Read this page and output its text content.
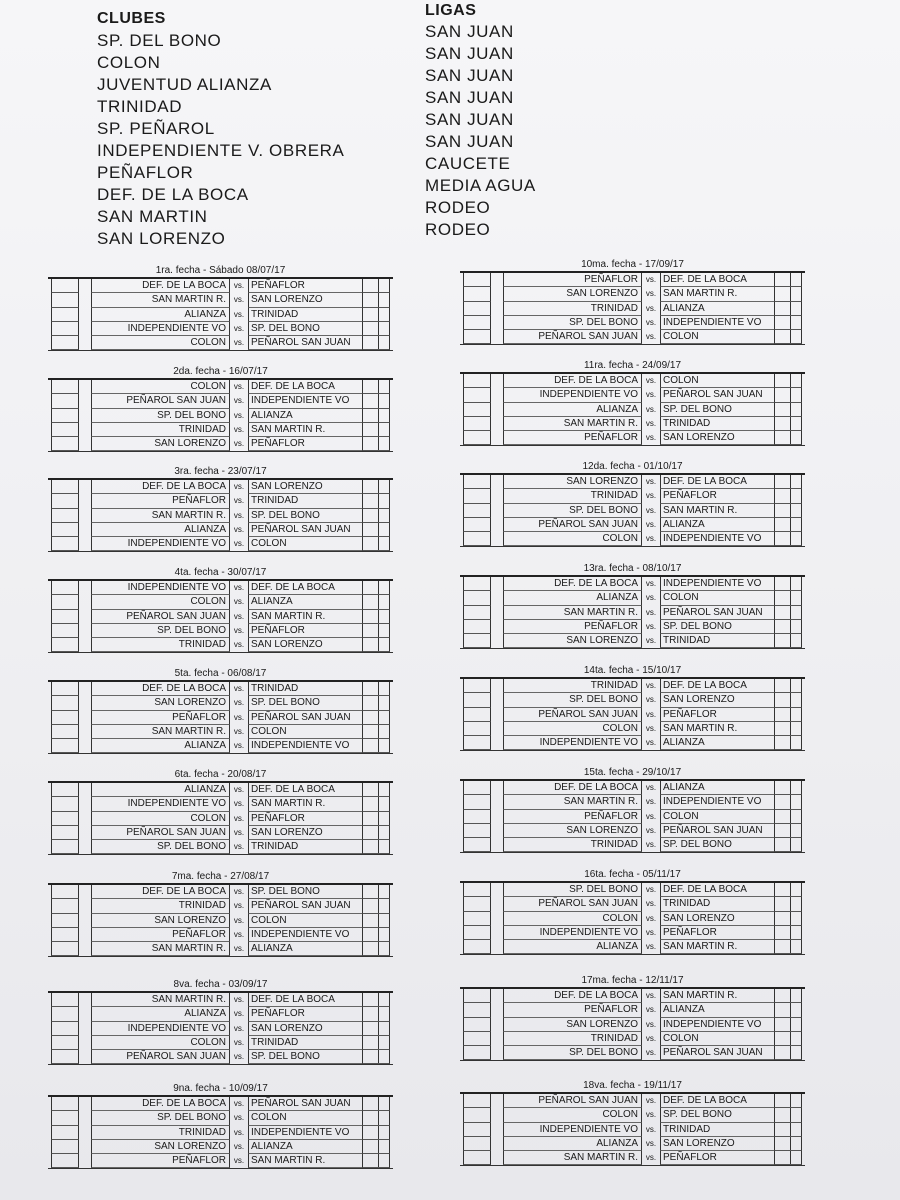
CLUBES	LIGAS
SP. DEL BONO
COLON
JUVENTUD ALIANZA
TRINIDAD
SP. PEÑAROL
INDEPENDIENTE V. OBRERA
PEÑAFLOR
DEF. DE LA BOCA
SAN MARTIN
SAN LORENZO
SAN JUAN
SAN JUAN
SAN JUAN
SAN JUAN
SAN JUAN
SAN JUAN
CAUCETE
MEDIA AGUA
RODEO
RODEO
1ra. fecha - Sábado 08/07/17
DEF. DE LA BOCA vs. PEÑAFLOR
SAN MARTIN R. vs. SAN LORENZO
ALIANZA vs. TRINIDAD
INDEPENDIENTE VO vs. SP. DEL BONO
COLON vs. PEÑAROL SAN JUAN
2da. fecha - 16/07/17
COLON vs. DEF. DE LA BOCA
PEÑAROL SAN JUAN vs. INDEPENDIENTE VO
SP. DEL BONO vs. ALIANZA
TRINIDAD vs. SAN MARTIN R.
SAN LORENZO vs. PEÑAFLOR
3ra. fecha - 23/07/17
DEF. DE LA BOCA vs. SAN LORENZO
PEÑAFLOR vs. TRINIDAD
SAN MARTIN R. vs. SP. DEL BONO
ALIANZA vs. PEÑAROL SAN JUAN
INDEPENDIENTE VO vs. COLON
4ta. fecha - 30/07/17
INDEPENDIENTE VO vs. DEF. DE LA BOCA
COLON vs. ALIANZA
PEÑAROL SAN JUAN vs. SAN MARTIN R.
SP. DEL BONO vs. PEÑAFLOR
TRINIDAD vs. SAN LORENZO
5ta. fecha - 06/08/17
DEF. DE LA BOCA vs. TRINIDAD
SAN LORENZO vs. SP. DEL BONO
PEÑAFLOR vs. PEÑAROL SAN JUAN
SAN MARTIN R. vs. COLON
ALIANZA vs. INDEPENDIENTE VO
6ta. fecha - 20/08/17
ALIANZA vs. DEF. DE LA BOCA
INDEPENDIENTE VO vs. SAN MARTIN R.
COLON vs. PEÑAFLOR
PEÑAROL SAN JUAN vs. SAN LORENZO
SP. DEL BONO vs. TRINIDAD
7ma. fecha - 27/08/17
DEF. DE LA BOCA vs. SP. DEL BONO
TRINIDAD vs. PEÑAROL SAN JUAN
SAN LORENZO vs. COLON
PEÑAFLOR vs. INDEPENDIENTE VO
SAN MARTIN R. vs. ALIANZA
8va. fecha - 03/09/17
SAN MARTIN R. vs. DEF. DE LA BOCA
ALIANZA vs. PEÑAFLOR
INDEPENDIENTE VO vs. SAN LORENZO
COLON vs. TRINIDAD
PEÑAROL SAN JUAN vs. SP. DEL BONO
9na. fecha - 10/09/17
DEF. DE LA BOCA vs. PEÑAROL SAN JUAN
SP. DEL BONO vs. COLON
TRINIDAD vs. INDEPENDIENTE VO
SAN LORENZO vs. ALIANZA
PEÑAFLOR vs. SAN MARTIN R.
10ma. fecha - 17/09/17
PEÑAFLOR vs. DEF. DE LA BOCA
SAN LORENZO vs. SAN MARTIN R.
TRINIDAD vs. ALIANZA
SP. DEL BONO vs. INDEPENDIENTE VO
PEÑAROL SAN JUAN vs. COLON
11ra. fecha - 24/09/17
DEF. DE LA BOCA vs. COLON
INDEPENDIENTE VO vs. PEÑAROL SAN JUAN
ALIANZA vs. SP. DEL BONO
SAN MARTIN R. vs. TRINIDAD
PEÑAFLOR vs. SAN LORENZO
12da. fecha - 01/10/17
SAN LORENZO vs. DEF. DE LA BOCA
TRINIDAD vs. PEÑAFLOR
SP. DEL BONO vs. SAN MARTIN R.
PEÑAROL SAN JUAN vs. ALIANZA
COLON vs. INDEPENDIENTE VO
13ra. fecha - 08/10/17
DEF. DE LA BOCA vs. INDEPENDIENTE VO
ALIANZA vs. COLON
SAN MARTIN R. vs. PEÑAROL SAN JUAN
PEÑAFLOR vs. SP. DEL BONO
SAN LORENZO vs. TRINIDAD
14ta. fecha - 15/10/17
TRINIDAD vs. DEF. DE LA BOCA
SP. DEL BONO vs. SAN LORENZO
PEÑAROL SAN JUAN vs. PEÑAFLOR
COLON vs. SAN MARTIN R.
INDEPENDIENTE VO vs. ALIANZA
15ta. fecha - 29/10/17
DEF. DE LA BOCA vs. ALIANZA
SAN MARTIN R. vs. INDEPENDIENTE VO
PEÑAFLOR vs. COLON
SAN LORENZO vs. PEÑAROL SAN JUAN
TRINIDAD vs. SP. DEL BONO
16ta. fecha - 05/11/17
SP. DEL BONO vs. DEF. DE LA BOCA
PEÑAROL SAN JUAN vs. TRINIDAD
COLON vs. SAN LORENZO
INDEPENDIENTE VO vs. PEÑAFLOR
ALIANZA vs. SAN MARTIN R.
17ma. fecha - 12/11/17
DEF. DE LA BOCA vs. SAN MARTIN R.
PEÑAFLOR vs. ALIANZA
SAN LORENZO vs. INDEPENDIENTE VO
TRINIDAD vs. COLON
SP. DEL BONO vs. PEÑAROL SAN JUAN
18va. fecha - 19/11/17
PEÑAROL SAN JUAN vs. DEF. DE LA BOCA
COLON vs. SP. DEL BONO
INDEPENDIENTE VO vs. TRINIDAD
ALIANZA vs. SAN LORENZO
SAN MARTIN R. vs. PEÑAFLOR
